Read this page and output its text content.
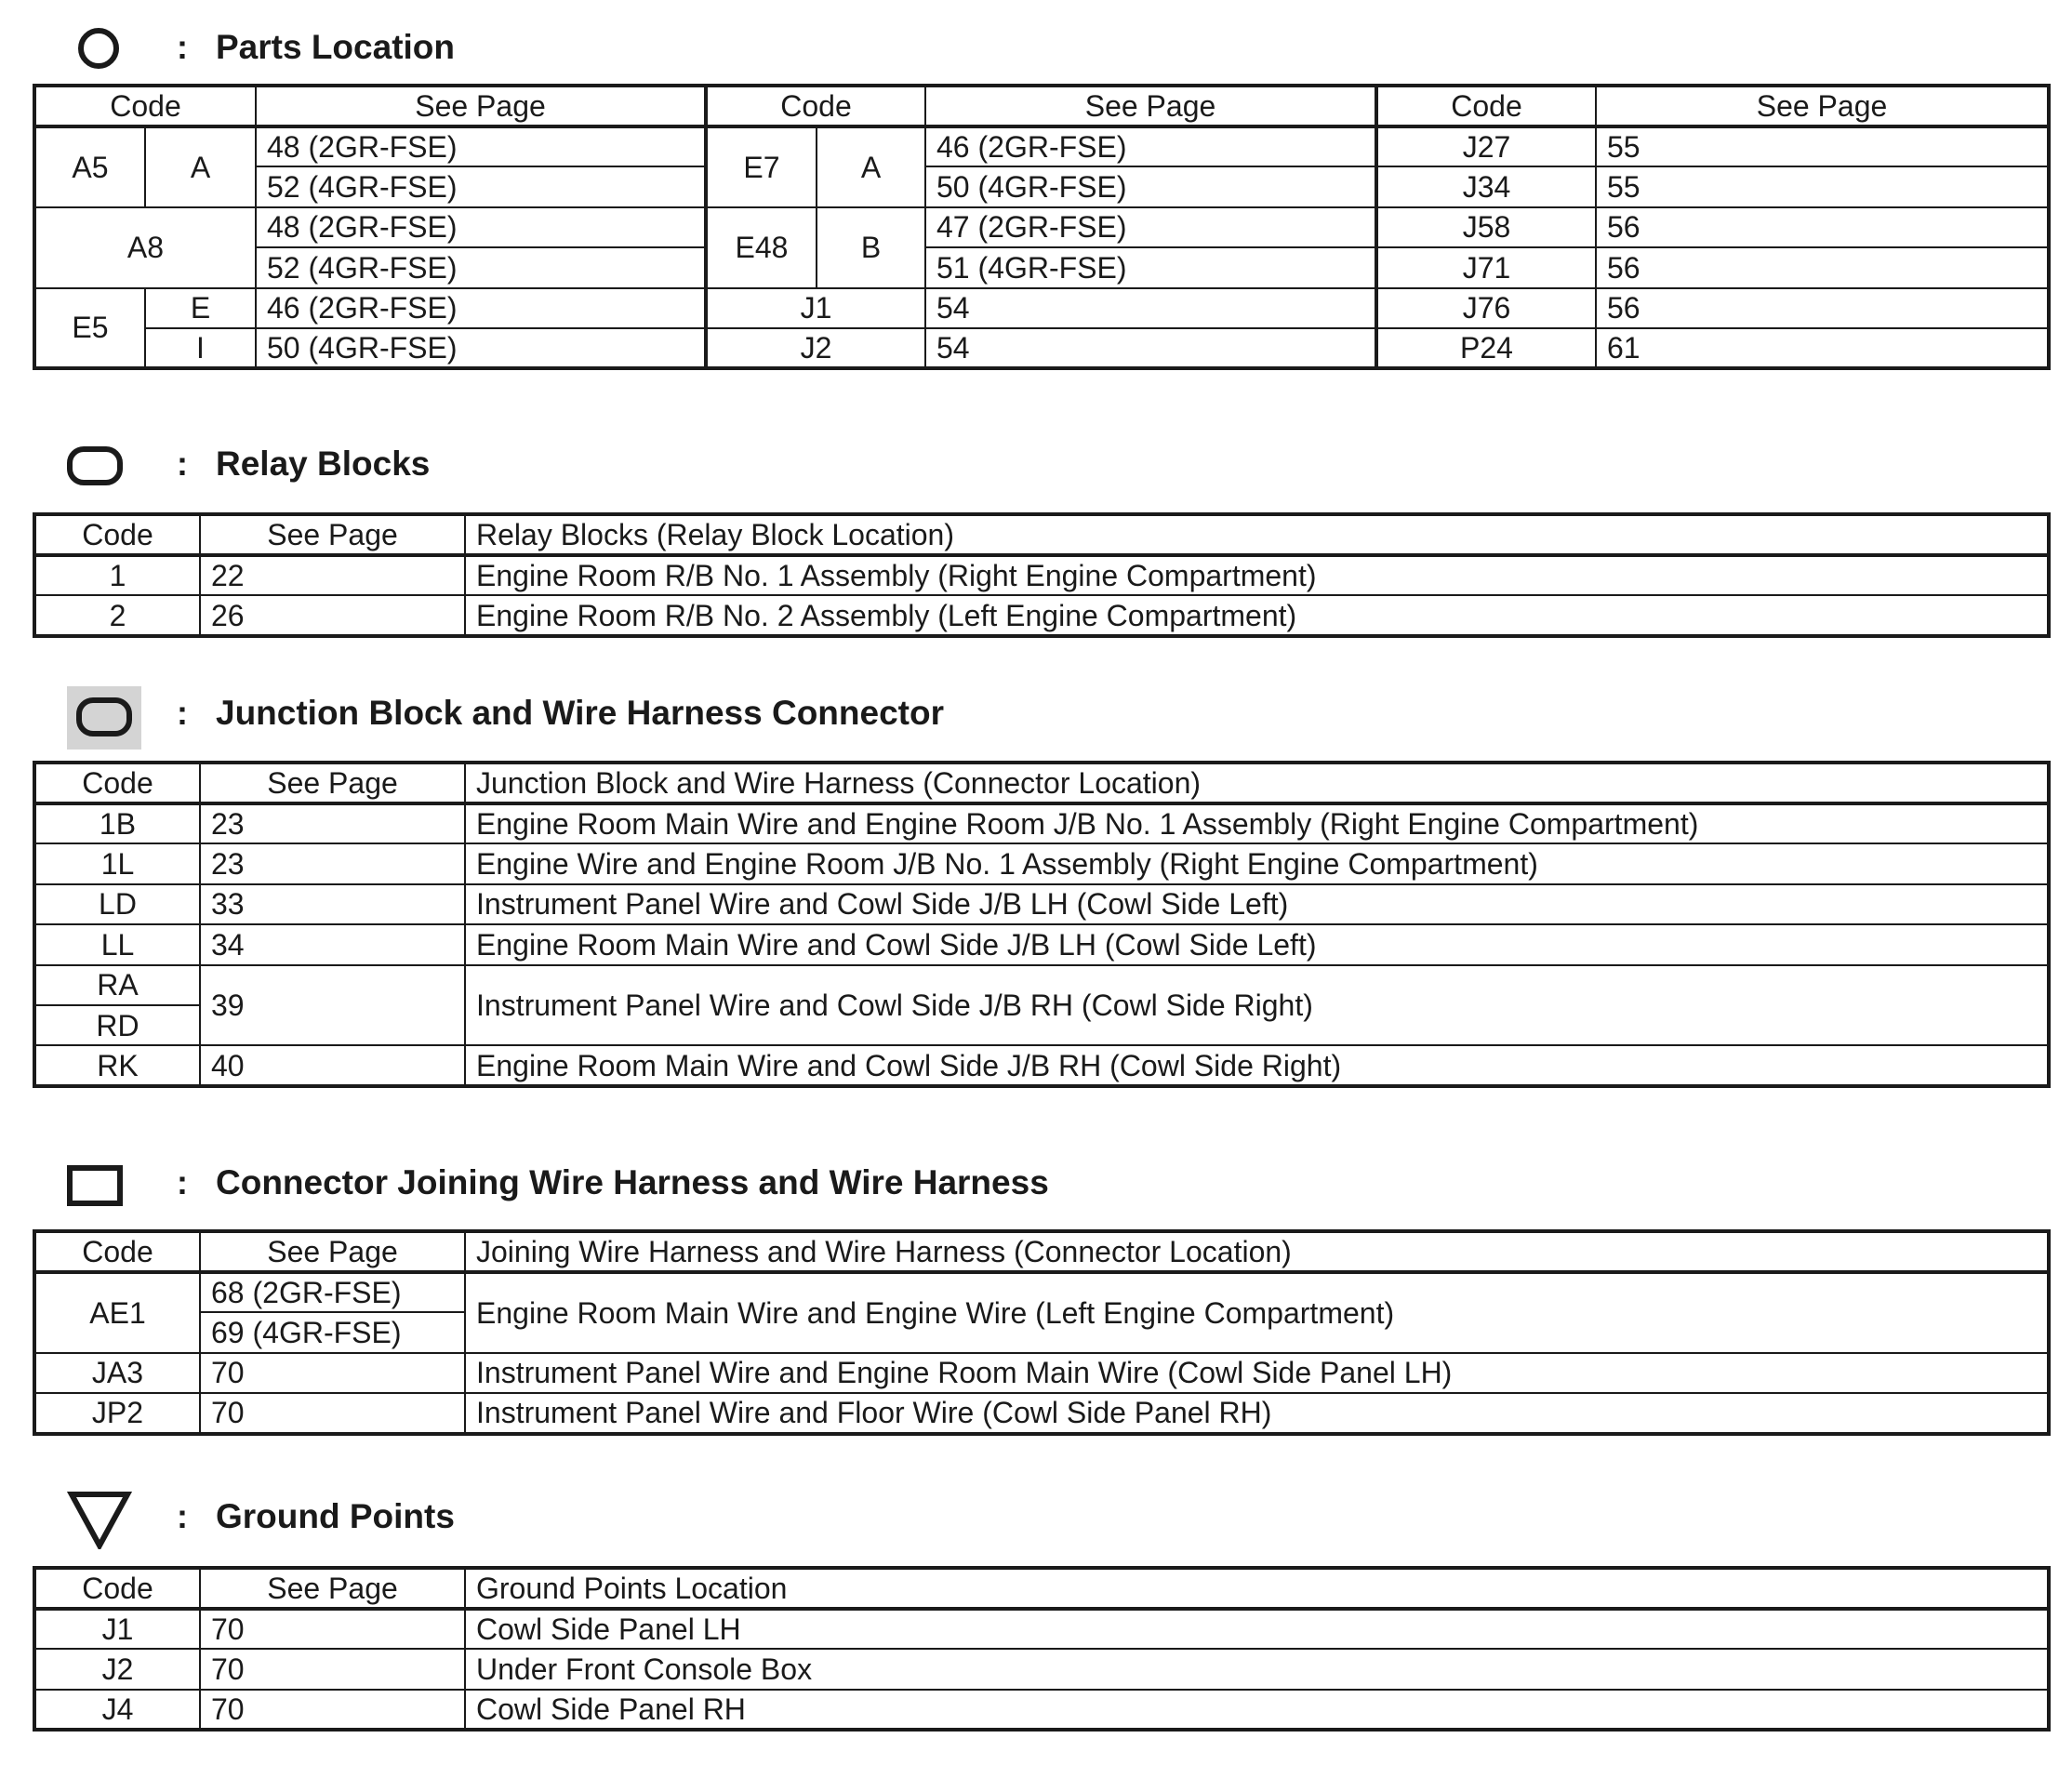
: Parts Location
Code		See Page	Code		See Page	Code	See Page
A5	A	48 (2GR-FSE)	E7	A	46 (2GR-FSE)	J27	55
		52 (4GR-FSE)			50 (4GR-FSE)	J34	55
A8		48 (2GR-FSE)	E48	B	47 (2GR-FSE)	J58	56
		52 (4GR-FSE)			51 (4GR-FSE)	J71	56
E5	E	46 (2GR-FSE)	J1		54	J76	56
	I	50 (4GR-FSE)	J2		54	P24	61
: Relay Blocks
Code	See Page	Relay Blocks (Relay Block Location)
1	22	Engine Room R/B No. 1 Assembly (Right Engine Compartment)
2	26	Engine Room R/B No. 2 Assembly (Left Engine Compartment)
: Junction Block and Wire Harness Connector
Code	See Page	Junction Block and Wire Harness (Connector Location)
1B	23	Engine Room Main Wire and Engine Room J/B No. 1 Assembly (Right Engine Compartment)
1L	23	Engine Wire and Engine Room J/B No. 1 Assembly (Right Engine Compartment)
LD	33	Instrument Panel Wire and Cowl Side J/B LH (Cowl Side Left)
LL	34	Engine Room Main Wire and Cowl Side J/B LH (Cowl Side Left)
RA	39	Instrument Panel Wire and Cowl Side J/B RH (Cowl Side Right)
RD		
RK	40	Engine Room Main Wire and Cowl Side J/B RH (Cowl Side Right)
: Connector Joining Wire Harness and Wire Harness
Code	See Page	Joining Wire Harness and Wire Harness (Connector Location)
AE1	68 (2GR-FSE)	Engine Room Main Wire and Engine Wire (Left Engine Compartment)
	69 (4GR-FSE)	
JA3	70	Instrument Panel Wire and Engine Room Main Wire (Cowl Side Panel LH)
JP2	70	Instrument Panel Wire and Floor Wire (Cowl Side Panel RH)
: Ground Points
Code	See Page	Ground Points Location
J1	70	Cowl Side Panel LH
J2	70	Under Front Console Box
J4	70	Cowl Side Panel RH
